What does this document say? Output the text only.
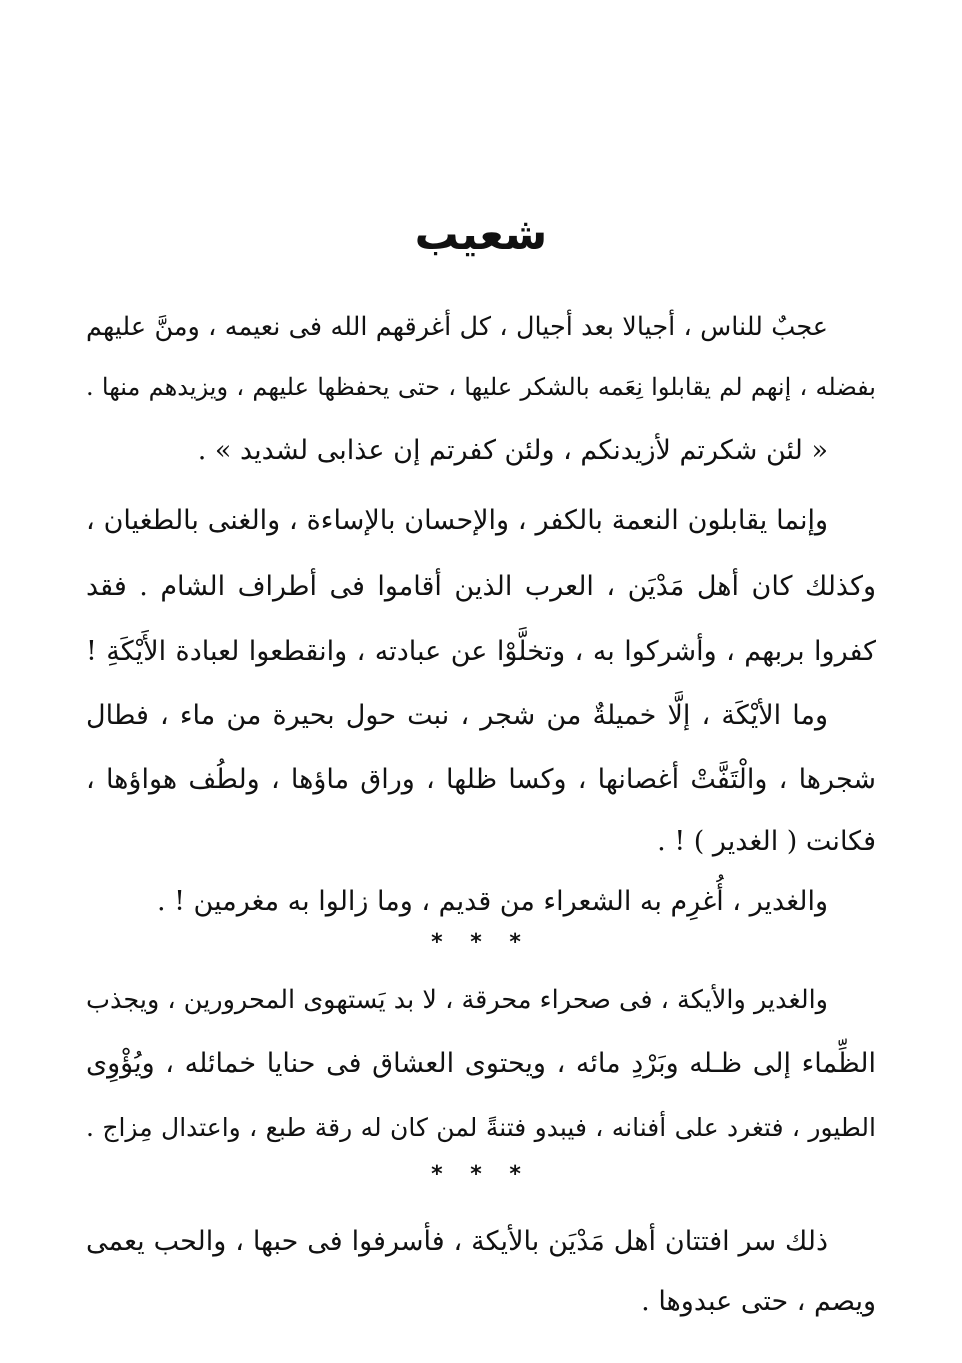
شعيب
عجبٌ للناس ، أجيالا بعد أجيال ، كل أغرقهم الله فى نعيمه ، ومنَّ عليهم
بفضله ، إنهم لم يقابلوا نِعَمه بالشكر عليها ، حتى يحفظها عليهم ، ويزيدهم منها .
« لئن شكرتم لأزيدنكم ، ولئن كفرتم إن عذابى لشديد » .
وإنما يقابلون النعمة بالكفر ، والإحسان بالإساءة ، والغنى بالطغيان ،
وكذلك كان أهل مَدْيَن ، العرب الذين أقاموا فى أطراف الشام . فقد
كفروا بربهم ، وأشركوا به ، وتخلَّوْا عن عبادته ، وانقطعوا لعبادة الأَيْكَةِ !
وما الأيْكَة ، إلَّا خميلةٌ من شجر ، نبت حول بحيرة من ماء ، فطال
شجرها ، والْتَفَّتْ أغصانها ، وكسا ظلها ، وراق ماؤها ، ولطُف هواؤها ،
فكانت ( الغدير ) ! .
والغدير ، أُغرِم به الشعراء من قديم ، وما زالوا به مغرمين ! .
* * *
والغدير والأيكة ، فى صحراء محرقة ، لا بد يَستهوى المحرورين ، ويجذب
الظِّماء إلى ظـله وبَرْدِ مائه ، ويحتوى العشاق فى حنايا خمائله ، ويُؤْوِى
الطيور ، فتغرد على أفنانه ، فيبدو فتنةً لمن كان له رقة طبع ، واعتدال مِزاج .
* * *
ذلك سر افتتان أهل مَدْيَن بالأيكة ، فأسرفوا فى حبها ، والحب يعمى
ويصم ، حتى عبدوها .
